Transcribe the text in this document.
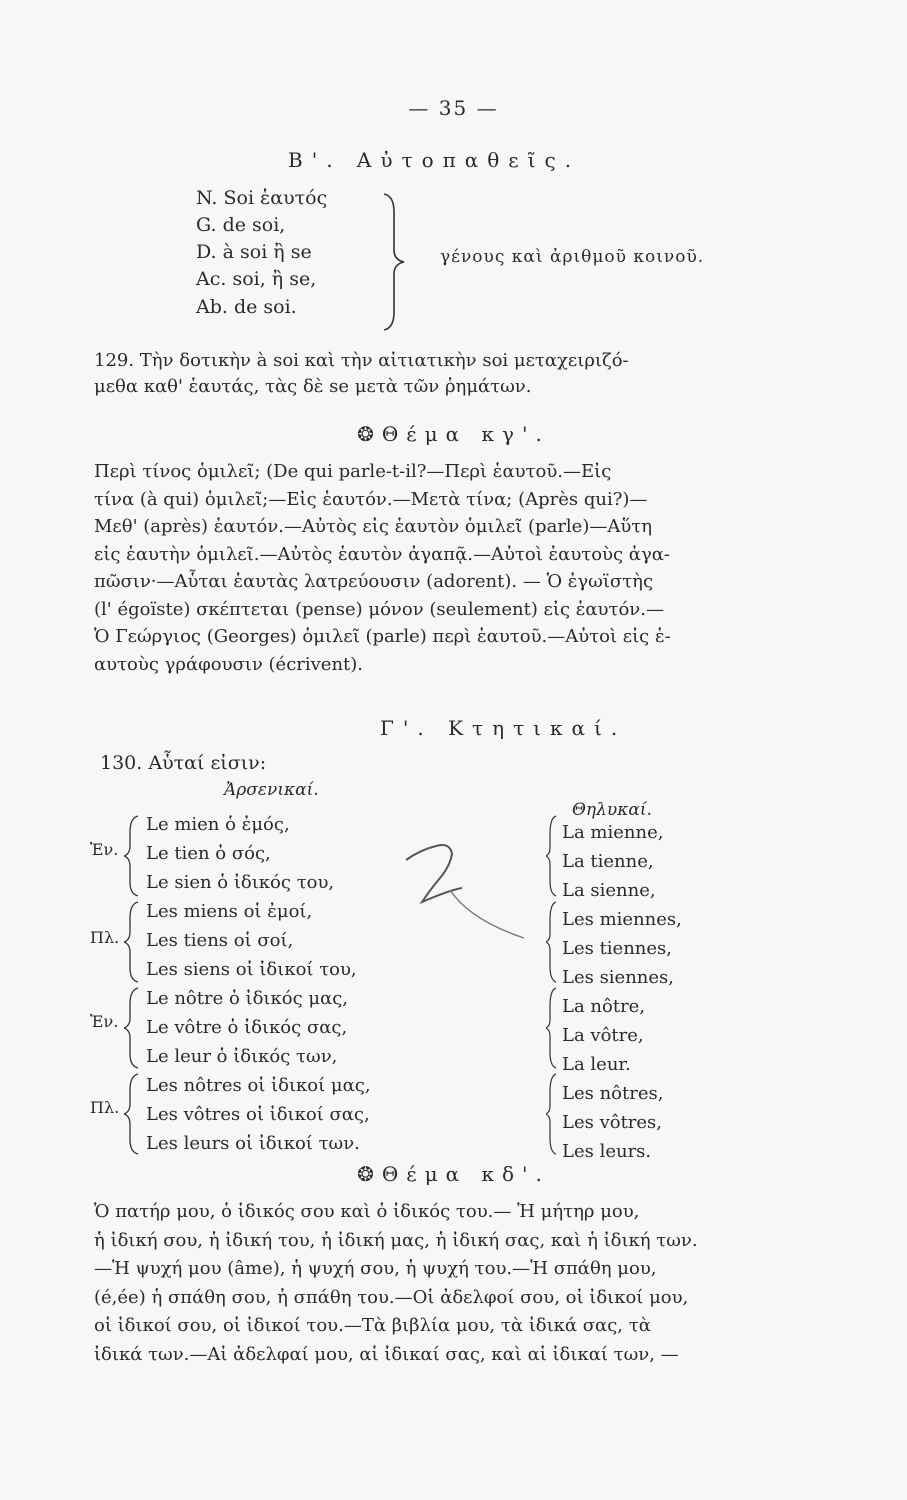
— 35 —
Β'. Αὐτοπαθεῖς.
N. Soi ἑαυτός
G. de soi,
D. à soi ἢ se
Ac. soi, ἢ se,
Ab. de soi.
γένους καὶ ἀριθμοῦ κοινοῦ.
129. Τὴν δοτικὴν à soi καὶ τὴν αἰτιατικὴν soi μεταχειριζό-
μεθα καθ' ἑαυτάς, τὰς δὲ se μετὰ τῶν ῥημάτων.
❂ Θέμα κγ'.
Περὶ τίνος ὁμιλεῖ; (De qui parle-t-il?—Περὶ ἑαυτοῦ.—Εἰς
τίνα (à qui) ὁμιλεῖ;—Εἰς ἑαυτόν.—Μετὰ τίνα; (Après qui?)—
Μεθ' (après) ἑαυτόν.—Αὐτὸς εἰς ἑαυτὸν ὁμιλεῖ (parle)—Αὕτη
εἰς ἑαυτὴν ὁμιλεῖ.—Αὐτὸς ἑαυτὸν ἀγαπᾷ.—Αὐτοὶ ἑαυτοὺς ἀγα-
πῶσιν·—Αὗται ἑαυτὰς λατρεύουσιν (adorent). — Ὁ ἐγωϊστὴς
(l' égoïste) σκέπτεται (pense) μόνον (seulement) εἰς ἑαυτόν.—
Ὁ Γεώργιος (Georges) ὁμιλεῖ (parle) περὶ ἑαυτοῦ.—Αὐτοὶ εἰς ἑ-
αυτοὺς γράφουσιν (écrivent).
Γ'. Κτητικαί.
130. Αὗταί εἰσιν:
Ἀρσενικαί.
Θηλυκαί.
Ἑν.
Πλ.
Ἑν.
Πλ.
Le mien ὁ ἐμός,
Le tien ὁ σός,
Le sien ὁ ἰδικός του,
Les miens οἱ ἐμοί,
Les tiens οἱ σοί,
Les siens οἱ ἰδικοί του,
Le nôtre ὁ ἰδικός μας,
Le vôtre ὁ ἰδικός σας,
Le leur ὁ ἰδικός των,
Les nôtres οἱ ἰδικοί μας,
Les vôtres οἱ ἰδικοί σας,
Les leurs οἱ ἰδικοί των.
La mienne,
La tienne,
La sienne,
Les miennes,
Les tiennes,
Les siennes,
La nôtre,
La vôtre,
La leur.
Les nôtres,
Les vôtres,
Les leurs.
❂ Θέμα κδ'.
Ὁ πατήρ μου, ὁ ἰδικός σου καὶ ὁ ἰδικός του.— Ἡ μήτηρ μου,
ἡ ἰδική σου, ἡ ἰδική του, ἡ ἰδική μας, ἡ ἰδική σας, καὶ ἡ ἰδική των.
—Ἡ ψυχή μου (âme), ἡ ψυχή σου, ἡ ψυχή του.—Ἡ σπάθη μου,
(é,ée) ἡ σπάθη σου, ἡ σπάθη του.—Οἱ ἀδελφοί σου, οἱ ἰδικοί μου,
οἱ ἰδικοί σου, οἱ ἰδικοί του.—Τὰ βιβλία μου, τὰ ἰδικά σας, τὰ
ἰδικά των.—Αἱ ἀδελφαί μου, αἱ ἰδικαί σας, καὶ αἱ ἰδικαί των, —
